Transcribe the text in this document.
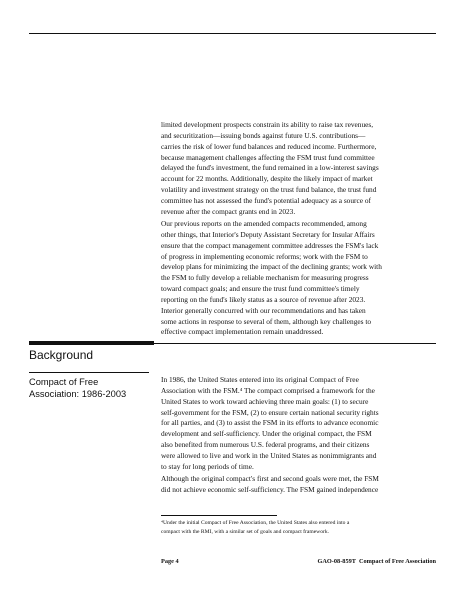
limited development prospects constrain its ability to raise tax revenues,
and securitization—issuing bonds against future U.S. contributions—
carries the risk of lower fund balances and reduced income. Furthermore,
because management challenges affecting the FSM trust fund committee
delayed the fund's investment, the fund remained in a low-interest savings
account for 22 months. Additionally, despite the likely impact of market
volatility and investment strategy on the trust fund balance, the trust fund
committee has not assessed the fund's potential adequacy as a source of
revenue after the compact grants end in 2023.

Our previous reports on the amended compacts recommended, among
other things, that Interior's Deputy Assistant Secretary for Insular Affairs
ensure that the compact management committee addresses the FSM's lack
of progress in implementing economic reforms; work with the FSM to
develop plans for minimizing the impact of the declining grants; work with
the FSM to fully develop a reliable mechanism for measuring progress
toward compact goals; and ensure the trust fund committee's timely
reporting on the fund's likely status as a source of revenue after 2023.
Interior generally concurred with our recommendations and has taken
some actions in response to several of them, although key challenges to
effective compact implementation remain unaddressed.

Background
Compact of Free
Association: 1986-2003

In 1986, the United States entered into its original Compact of Free
Association with the FSM.⁴ The compact comprised a framework for the
United States to work toward achieving three main goals: (1) to secure
self-government for the FSM, (2) to ensure certain national security rights
for all parties, and (3) to assist the FSM in its efforts to advance economic
development and self-sufficiency. Under the original compact, the FSM
also benefited from numerous U.S. federal programs, and their citizens
were allowed to live and work in the United States as nonimmigrants and
to stay for long periods of time.

Although the original compact's first and second goals were met, the FSM
did not achieve economic self-sufficiency. The FSM gained independence

⁴Under the initial Compact of Free Association, the United States also entered into a
compact with the RMI, with a similar set of goals and compact framework.

Page 4	GAO-08-859T  Compact of Free Association
